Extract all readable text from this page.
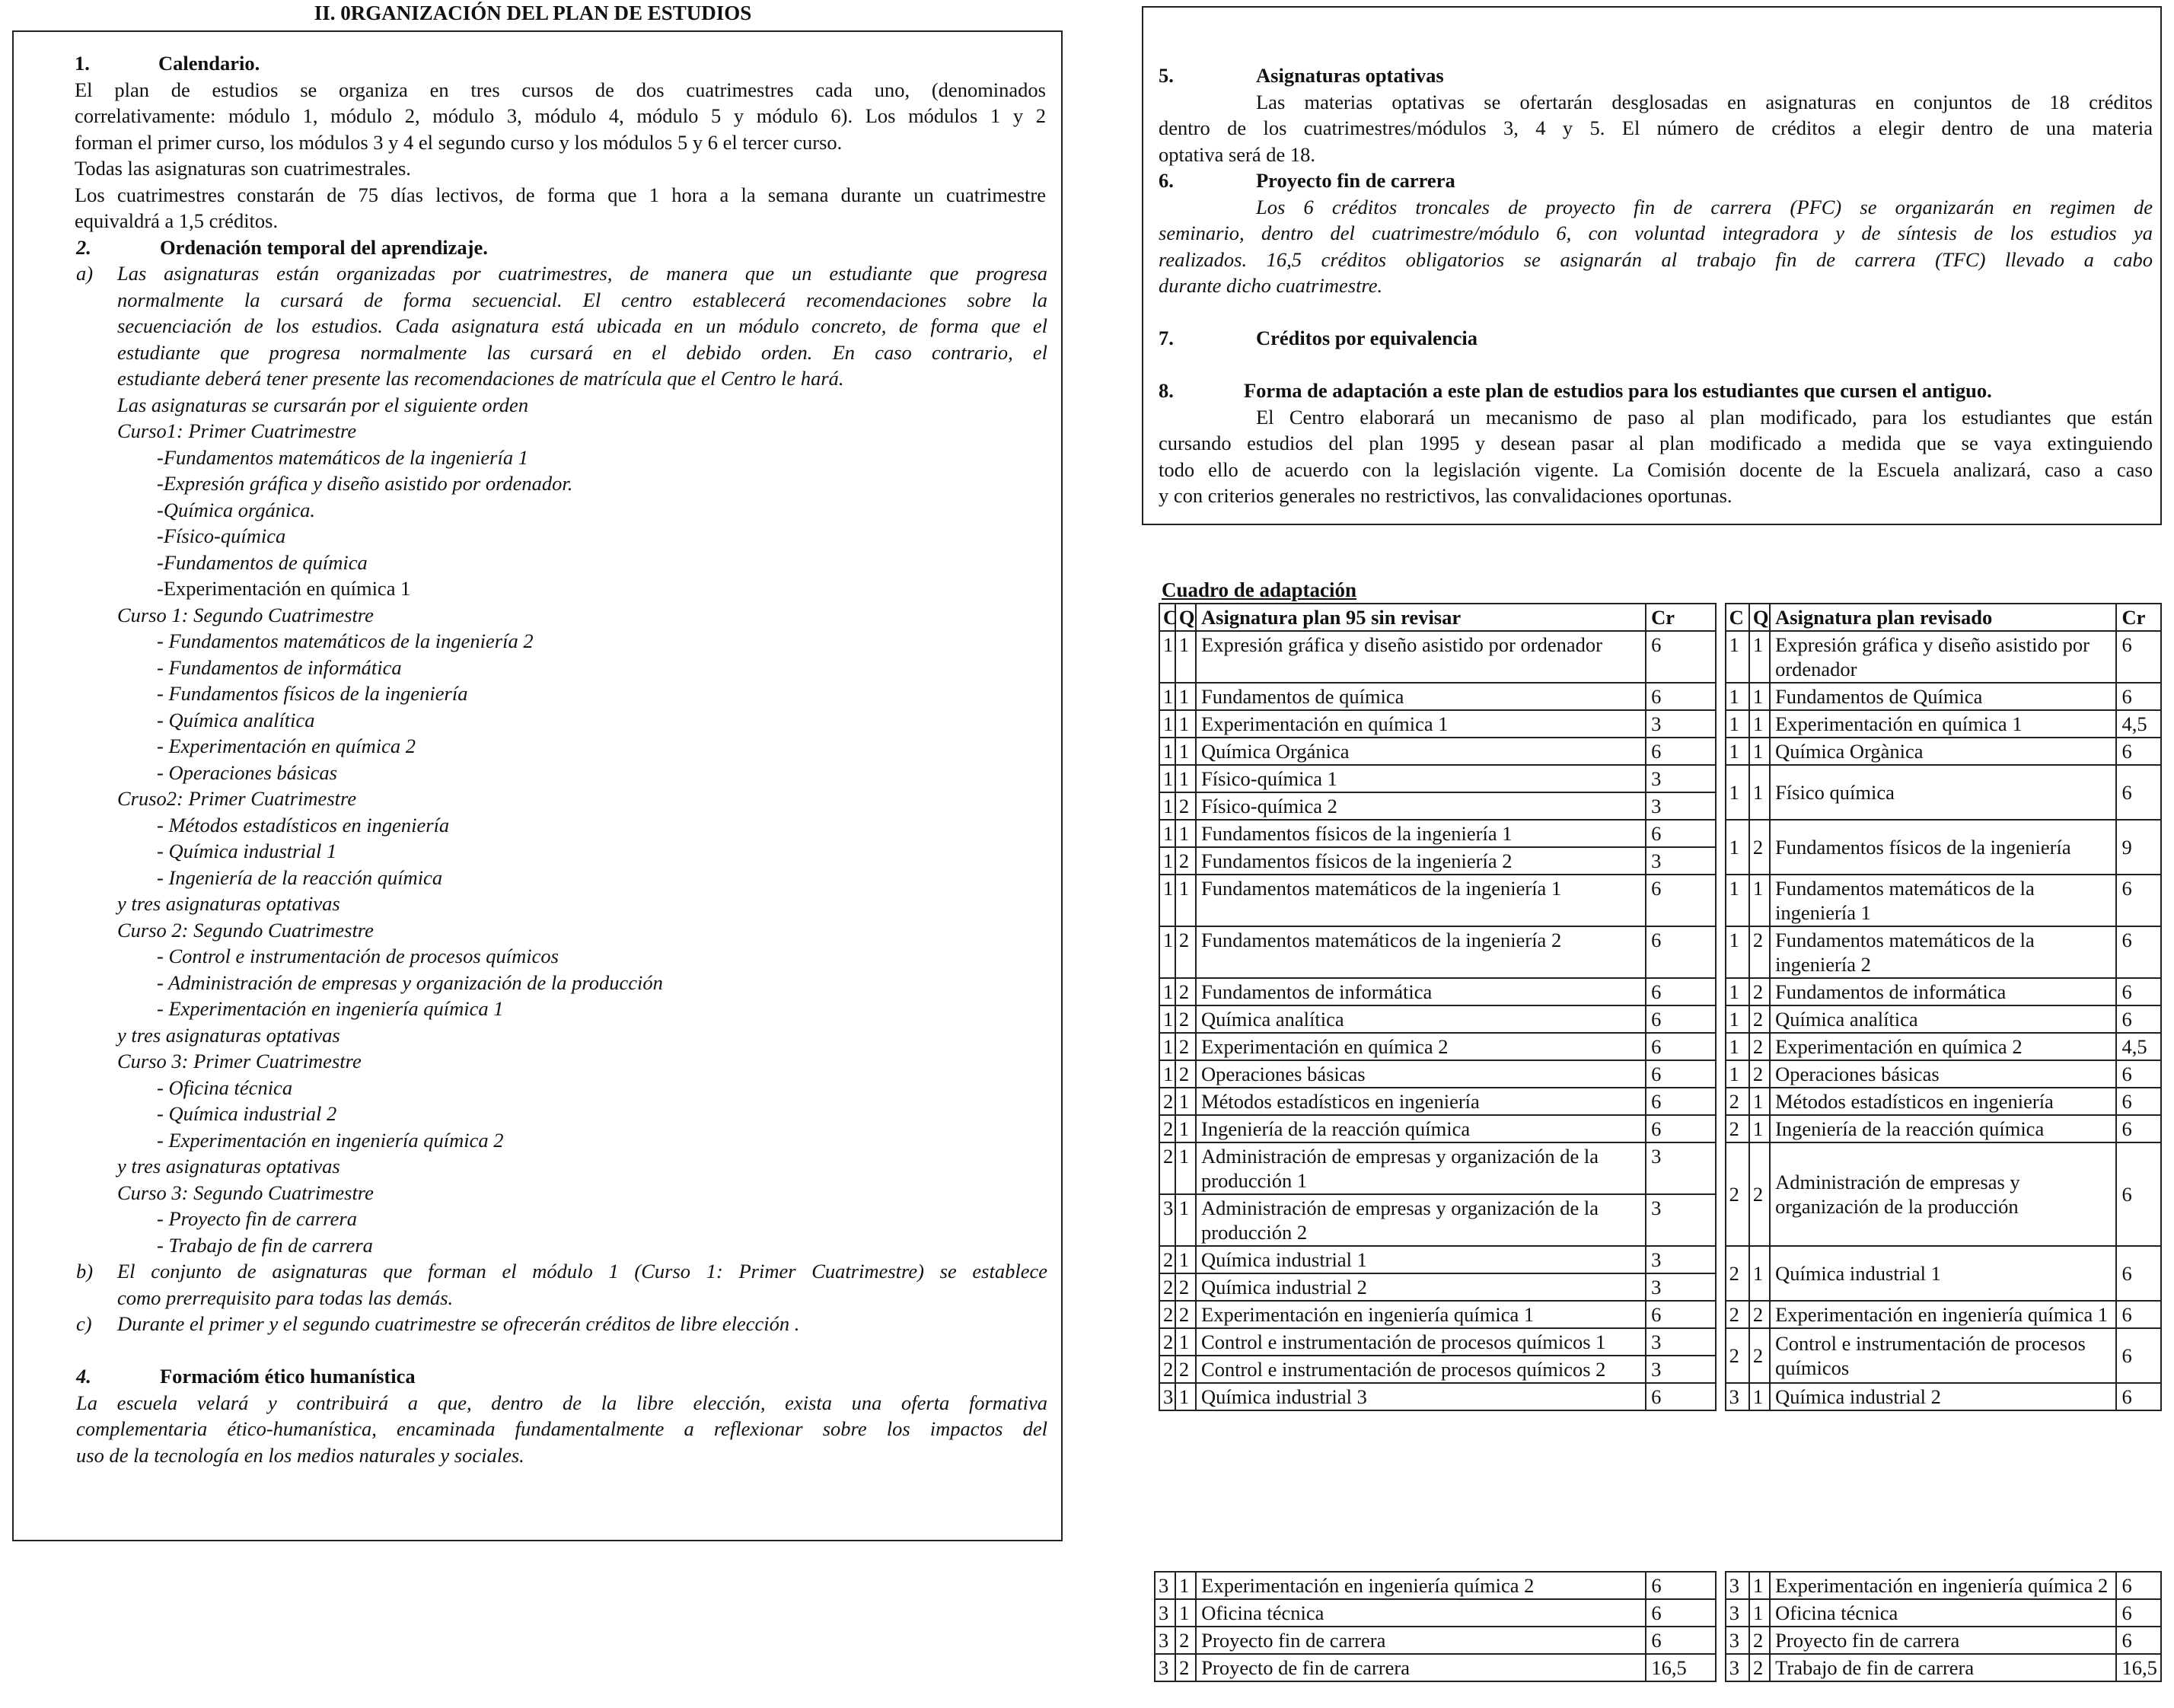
II. 0RGANIZACIÓN DEL PLAN DE ESTUDIOS
1.	Calendario.
El plan de estudios se organiza en tres cursos de dos cuatrimestres cada uno, (denominados
correlativamente: módulo 1, módulo 2, módulo 3, módulo 4, módulo 5 y módulo 6). Los módulos 1 y 2
forman el primer curso, los módulos 3 y 4 el segundo curso y los módulos 5 y 6 el tercer curso.
Todas las asignaturas son cuatrimestrales.
Los cuatrimestres constarán de 75 días lectivos, de forma que 1 hora a la semana durante un cuatrimestre
equivaldrá a 1,5 créditos.
2.	Ordenación temporal del aprendizaje.
a) Las asignaturas están organizadas por cuatrimestres, de manera que un estudiante que progresa
normalmente la cursará de forma secuencial. El centro establecerá recomendaciones sobre la
secuenciación de los estudios. Cada asignatura está ubicada en un módulo concreto, de forma que el
estudiante que progresa normalmente las cursará en el debido orden. En caso contrario, el
estudiante deberá tener presente las recomendaciones de matrícula que el Centro le hará.
Las asignaturas se cursarán por el siguiente orden
Curso1: Primer Cuatrimestre
-Fundamentos matemáticos de la ingeniería 1
-Expresión gráfica y diseño asistido por ordenador.
-Química orgánica.
-Físico-química
-Fundamentos de química
-Experimentación en química 1
Curso 1: Segundo Cuatrimestre
- Fundamentos matemáticos de la ingeniería 2
- Fundamentos de informática
- Fundamentos físicos de la ingeniería
- Química analítica
- Experimentación en química 2
- Operaciones básicas
Cruso2: Primer Cuatrimestre
- Métodos estadísticos en ingeniería
- Química industrial 1
- Ingeniería de la reacción química
y tres asignaturas optativas
Curso 2: Segundo Cuatrimestre
- Control e instrumentación de procesos químicos
- Administración de empresas y organización de la producción
- Experimentación en ingeniería química 1
y tres asignaturas optativas
Curso 3: Primer Cuatrimestre
- Oficina técnica
- Química industrial 2
- Experimentación en ingeniería química 2
y tres asignaturas optativas
Curso 3: Segundo Cuatrimestre
- Proyecto fin de carrera
- Trabajo de fin de carrera
b) El conjunto de asignaturas que forman el módulo 1 (Curso 1: Primer Cuatrimestre) se establece
como prerrequisito para todas las demás.
c) Durante el primer y el segundo cuatrimestre se ofrecerán créditos de libre elección .
4.	Formacióm ético humanística
La escuela velará y contribuirá a que, dentro de la libre elección, exista una oferta formativa
complementaria ético-humanística, encaminada fundamentalmente a reflexionar sobre los impactos del
uso de la tecnología en los medios naturales y sociales.
5.	Asignaturas optativas
Las materias optativas se ofertarán desglosadas en asignaturas en conjuntos de 18 créditos
dentro de los cuatrimestres/módulos 3, 4 y 5. El número de créditos a elegir dentro de una materia
optativa será de 18.
6.	Proyecto fin de carrera
Los 6 créditos troncales de proyecto fin de carrera (PFC) se organizarán en regimen de
seminario, dentro del cuatrimestre/módulo 6, con voluntad integradora y de síntesis de los estudios ya
realizados. 16,5 créditos obligatorios se asignarán al trabajo fin de carrera (TFC) llevado a cabo
durante dicho cuatrimestre.
7.	Créditos por equivalencia
8.	Forma de adaptación a este plan de estudios para los estudiantes que cursen el antiguo.
El Centro elaborará un mecanismo de paso al plan modificado, para los estudiantes que están
cursando estudios del plan 1995 y desean pasar al plan modificado a medida que se vaya extinguiendo
todo ello de acuerdo con la legislación vigente. La Comisión docente de la Escuela analizará, caso a caso
y con criterios generales no restrictivos, las convalidaciones oportunas.
Cuadro de adaptación
C	Q	Asignatura plan 95 sin revisar	Cr		C	Q	Asignatura plan revisado	Cr
1	1	Expresión gráfica y diseño asistido por ordenador	6		1	1	Expresión gráfica y diseño asistido por ordenador	6
1	1	Fundamentos de química	6		1	1	Fundamentos de Química	6
1	1	Experimentación en química 1	3		1	1	Experimentación en química 1	4,5
1	1	Química Orgánica	6		1	1	Química Orgànica	6
1	1	Físico-química 1	3		1	1	Físico química	6
1	2	Físico-química 2	3					
1	1	Fundamentos físicos de la ingeniería 1	6		1	2	Fundamentos físicos de la ingeniería	9
1	2	Fundamentos físicos de la ingeniería 2	3					
1	1	Fundamentos matemáticos de la ingeniería 1	6		1	1	Fundamentos matemáticos de la ingeniería 1	6
1	2	Fundamentos matemáticos de la ingeniería 2	6		1	2	Fundamentos matemáticos de la ingeniería 2	6
1	2	Fundamentos de informática	6		1	2	Fundamentos de informática	6
1	2	Química analítica	6		1	2	Química analítica	6
1	2	Experimentación en química 2	6		1	2	Experimentación en química 2	4,5
1	2	Operaciones básicas	6		1	2	Operaciones básicas	6
2	1	Métodos estadísticos en ingeniería	6		2	1	Métodos estadísticos en ingeniería	6
2	1	Ingeniería de la reacción química	6		2	1	Ingeniería de la reacción química	6
2	1	Administración de empresas y organización de la producción 1	3		2	2	Administración de empresas y organización de la producción	6
3	1	Administración de empresas y organización de la producción 2	3					
2	1	Química industrial 1	3		2	1	Química industrial 1	6
2	2	Química industrial 2	3					
2	2	Experimentación en ingeniería química 1	6		2	2	Experimentación en ingeniería química 1	6
2	1	Control e instrumentación de procesos químicos 1	3		2	2	Control e instrumentación de procesos químicos	6
2	2	Control e instrumentación de procesos químicos 2	3					
3	1	Química industrial 3	6		3	1	Química industrial 2	6
3	1	Experimentación en ingeniería química 2	6		3	1	Experimentación en ingeniería química 2	6
3	1	Oficina técnica	6		3	1	Oficina técnica	6
3	2	Proyecto fin de carrera	6		3	2	Proyecto fin de carrera	6
3	2	Proyecto de fin de carrera	16,5		3	2	Trabajo de fin de carrera	16,5
